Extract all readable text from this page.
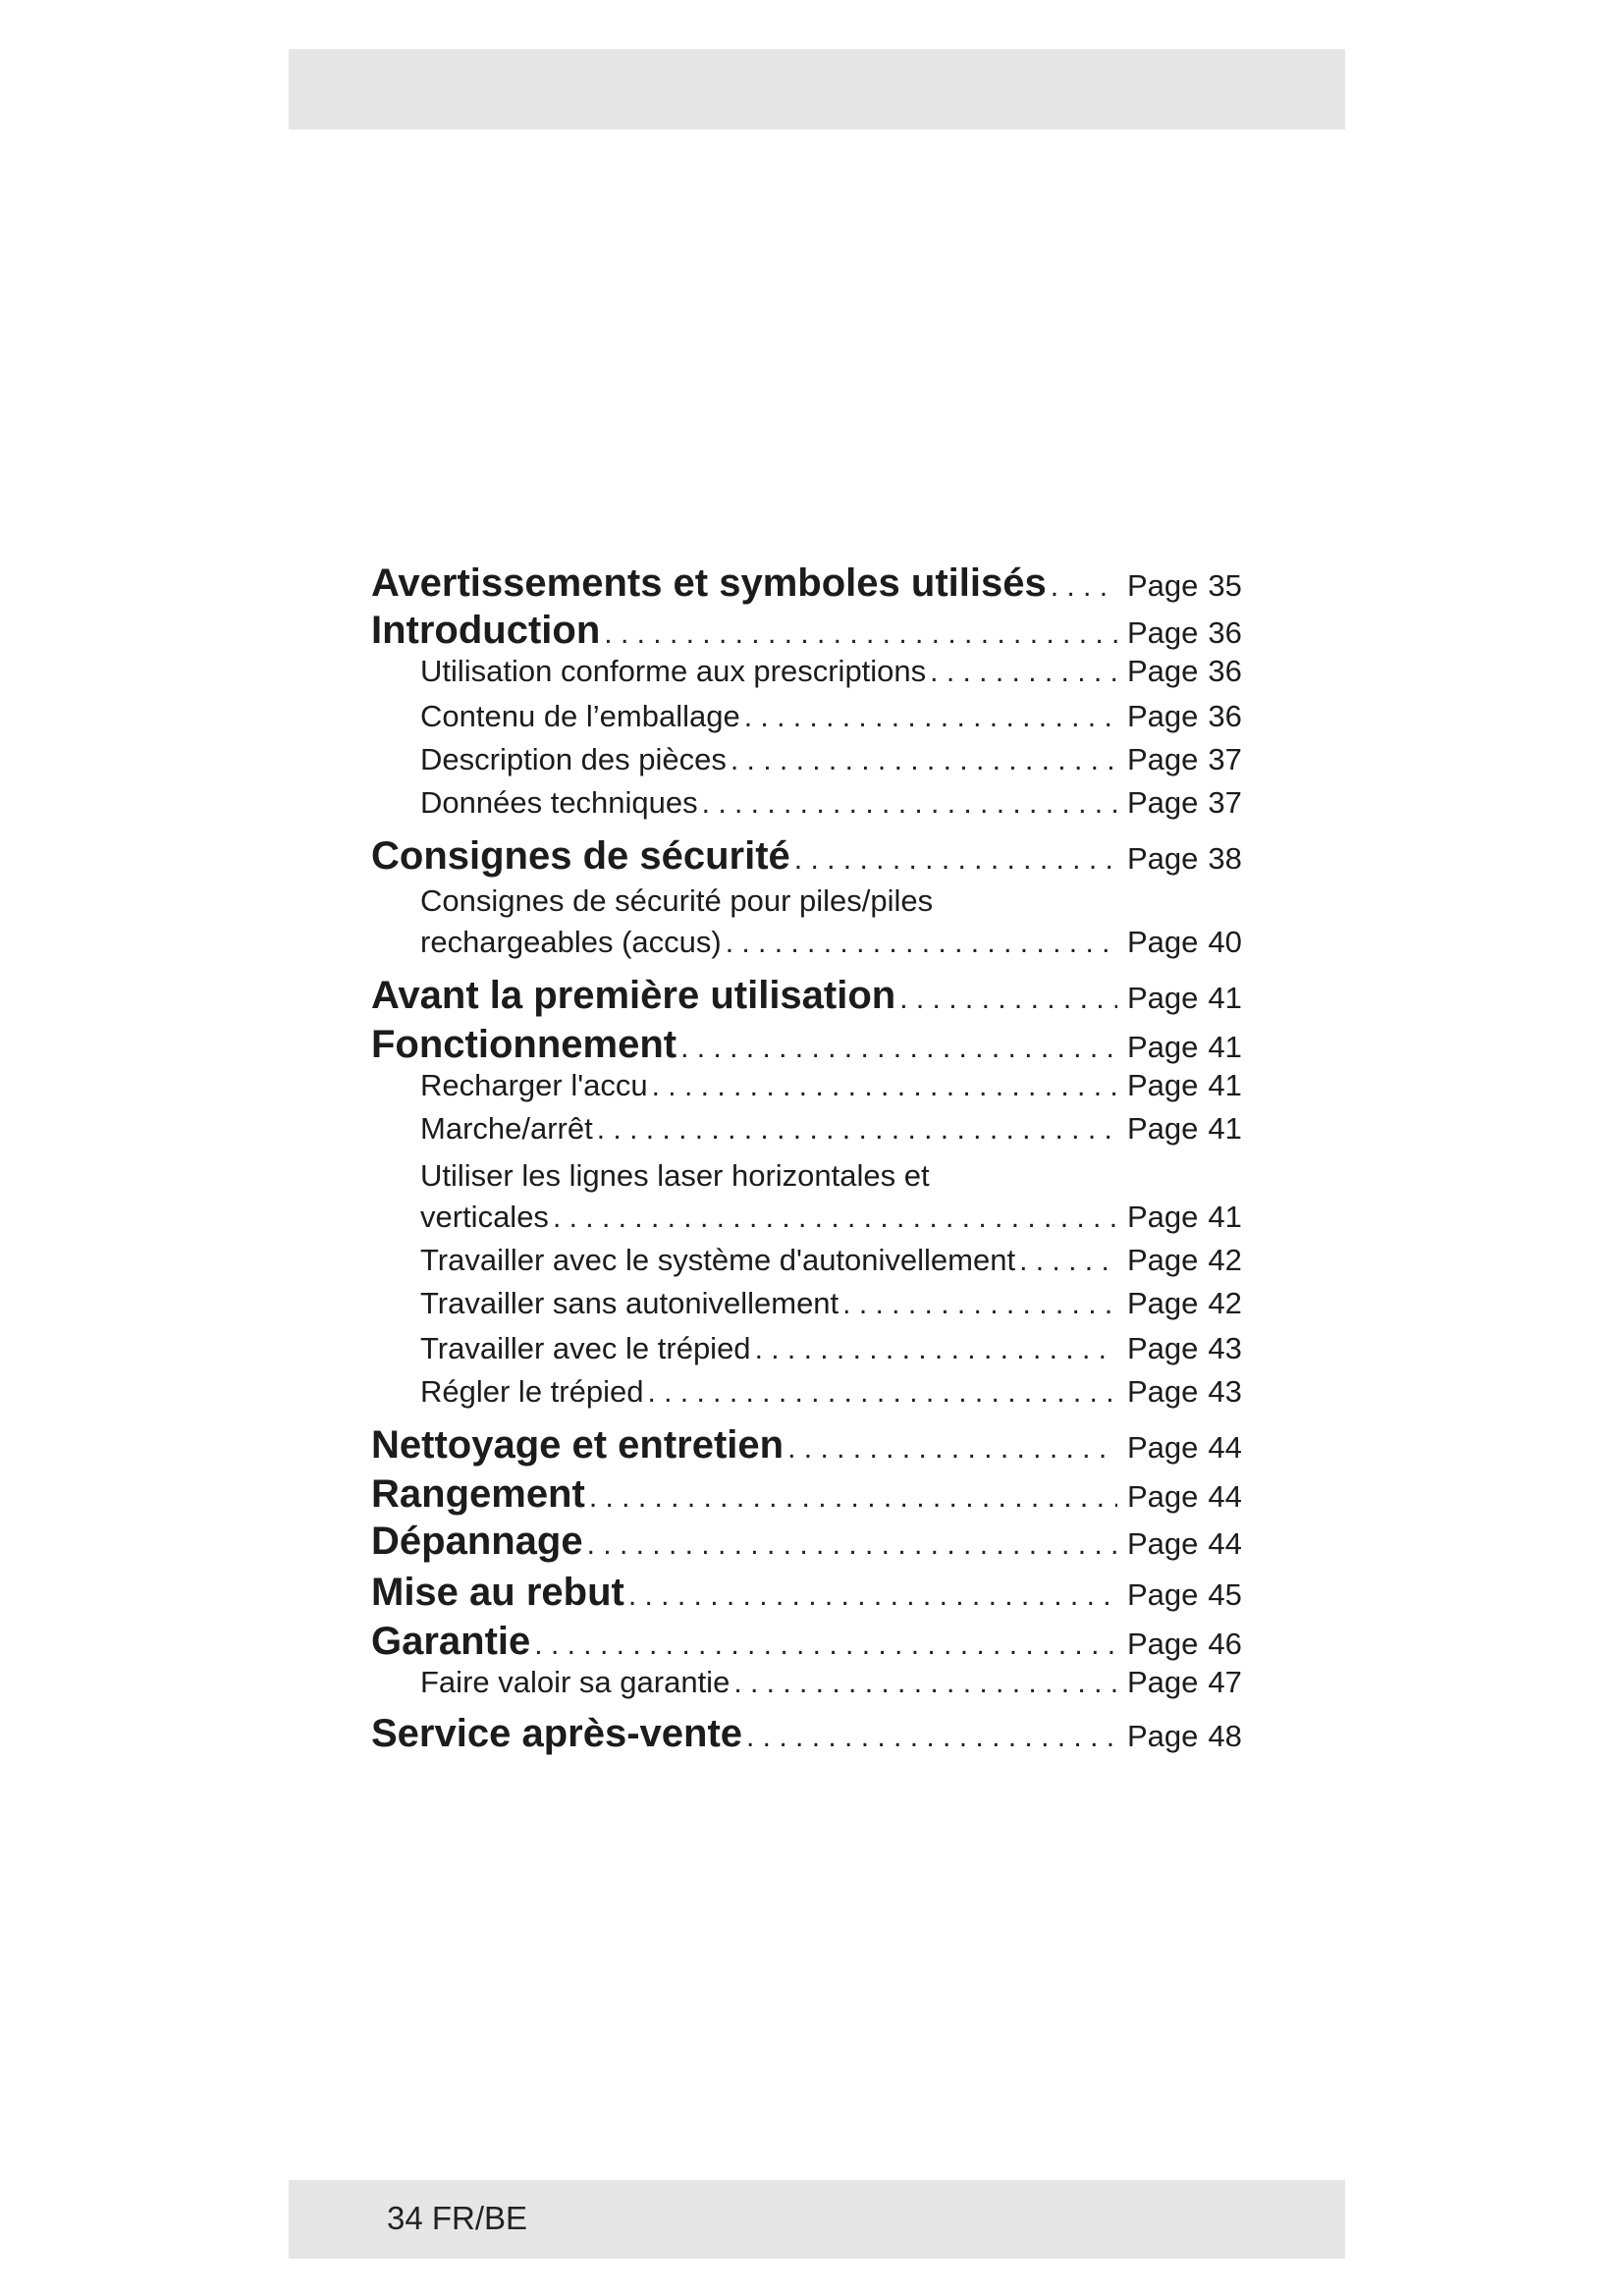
Avertissements et symboles utilisés . . .	Page 35
Introduction . . .	Page 36
Utilisation conforme aux prescriptions . . .	Page 36
Contenu de l’emballage . . .	Page 36
Description des pièces . . .	Page 37
Données techniques . . .	Page 37
Consignes de sécurité . . .	Page 38
Consignes de sécurité pour piles/piles
rechargeables (accus) . . .	Page 40
Avant la première utilisation . . .	Page 41
Fonctionnement . . .	Page 41
Recharger l'accu . . .	Page 41
Marche/arrêt . . .	Page 41
Utiliser les lignes laser horizontales et
verticales . . .	Page 41
Travailler avec le système d'autonivellement . . .	Page 42
Travailler sans autonivellement . . .	Page 42
Travailler avec le trépied . . .	Page 43
Régler le trépied . . .	Page 43
Nettoyage et entretien . . .	Page 44
Rangement . . .	Page 44
Dépannage . . .	Page 44
Mise au rebut . . .	Page 45
Garantie . . .	Page 46
Faire valoir sa garantie . . .	Page 47
Service après-vente . . .	Page 48
34 FR/BE
